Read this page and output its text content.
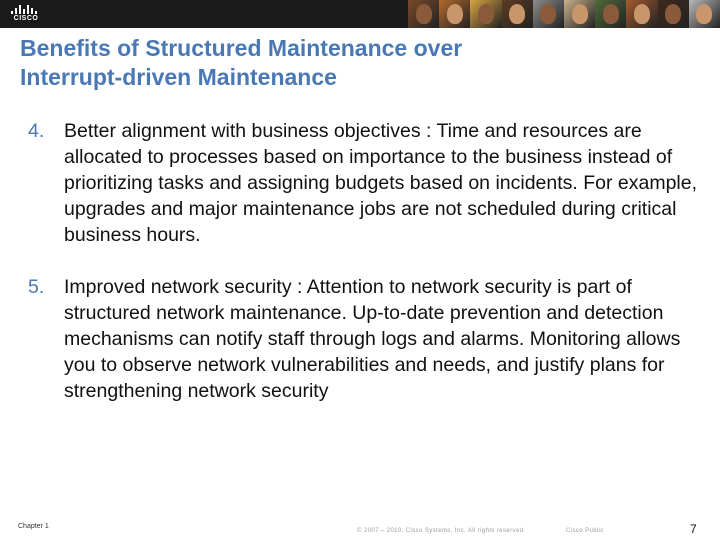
CISCO
Benefits of Structured Maintenance over
Interrupt-driven Maintenance
4. Better alignment with business objectives : Time and resources are allocated to processes based on importance to the business instead of prioritizing tasks and assigning budgets based on incidents. For example, upgrades and major maintenance jobs are not scheduled during critical business hours.
5. Improved network security : Attention to network security is part of structured network maintenance. Up-to-date prevention and detection mechanisms can notify staff through logs and alarms. Monitoring allows you to observe network vulnerabilities and needs, and justify plans for strengthening network security
Chapter 1
© 2007 – 2010, Cisco Systems, Inc. All rights reserved.	Cisco Public	7
